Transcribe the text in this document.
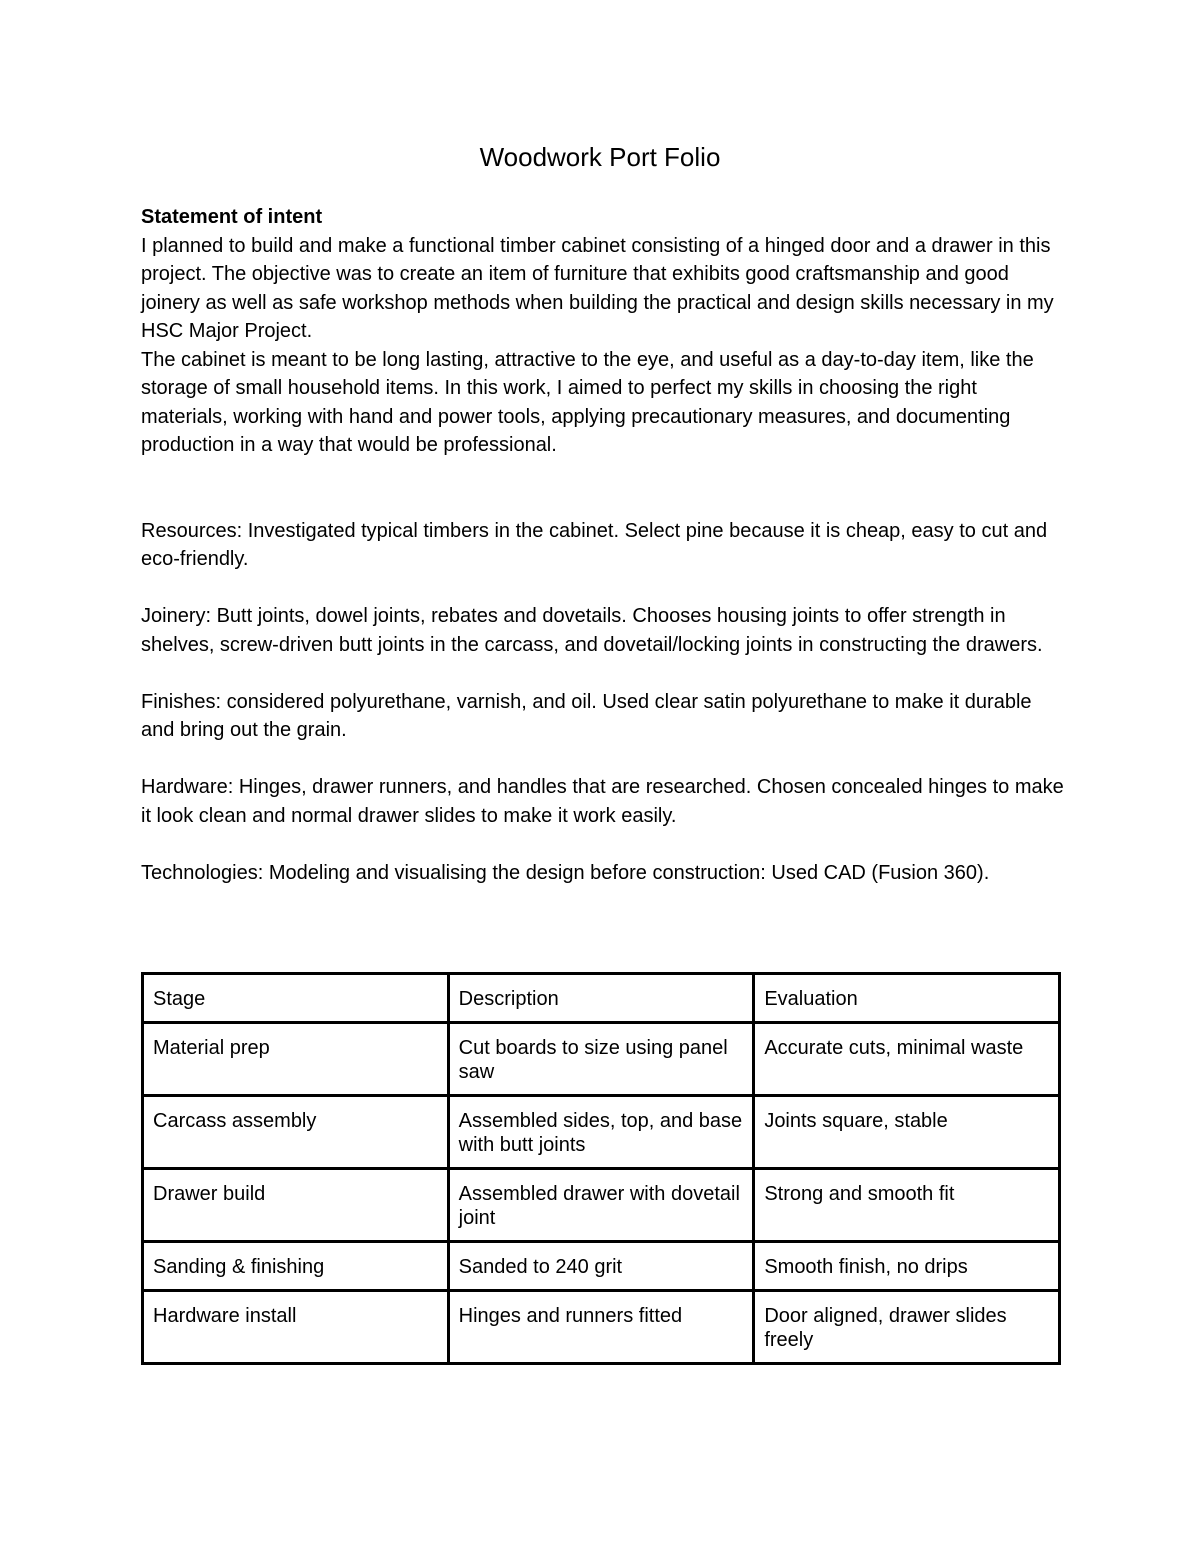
Woodwork Port Folio

Statement of intent

I planned to build and make a functional timber cabinet consisting of a hinged door and a drawer in this project. The objective was to create an item of furniture that exhibits good craftsmanship and good joinery as well as safe workshop methods when building the practical and design skills necessary in my HSC Major Project.

The cabinet is meant to be long lasting, attractive to the eye, and useful as a day-to-day item, like the storage of small household items. In this work, I aimed to perfect my skills in choosing the right materials, working with hand and power tools, applying precautionary measures, and documenting production in a way that would be professional.

Resources: Investigated typical timbers in the cabinet. Select pine because it is cheap, easy to cut and eco-friendly.

Joinery: Butt joints, dowel joints, rebates and dovetails. Chooses housing joints to offer strength in shelves, screw-driven butt joints in the carcass, and dovetail/locking joints in constructing the drawers.

Finishes: considered polyurethane, varnish, and oil. Used clear satin polyurethane to make it durable and bring out the grain.

Hardware: Hinges, drawer runners, and handles that are researched. Chosen concealed hinges to make it look clean and normal drawer slides to make it work easily.

Technologies: Modeling and visualising the design before construction: Used CAD (Fusion 360).

Stage	Description	Evaluation
Material prep	Cut boards to size using panel saw	Accurate cuts, minimal waste
Carcass assembly	Assembled sides, top, and base with butt joints	Joints square, stable
Drawer build	Assembled drawer with dovetail joint	Strong and smooth fit
Sanding & finishing	Sanded to 240 grit	Smooth finish, no drips
Hardware install	Hinges and runners fitted	Door aligned, drawer slides freely
